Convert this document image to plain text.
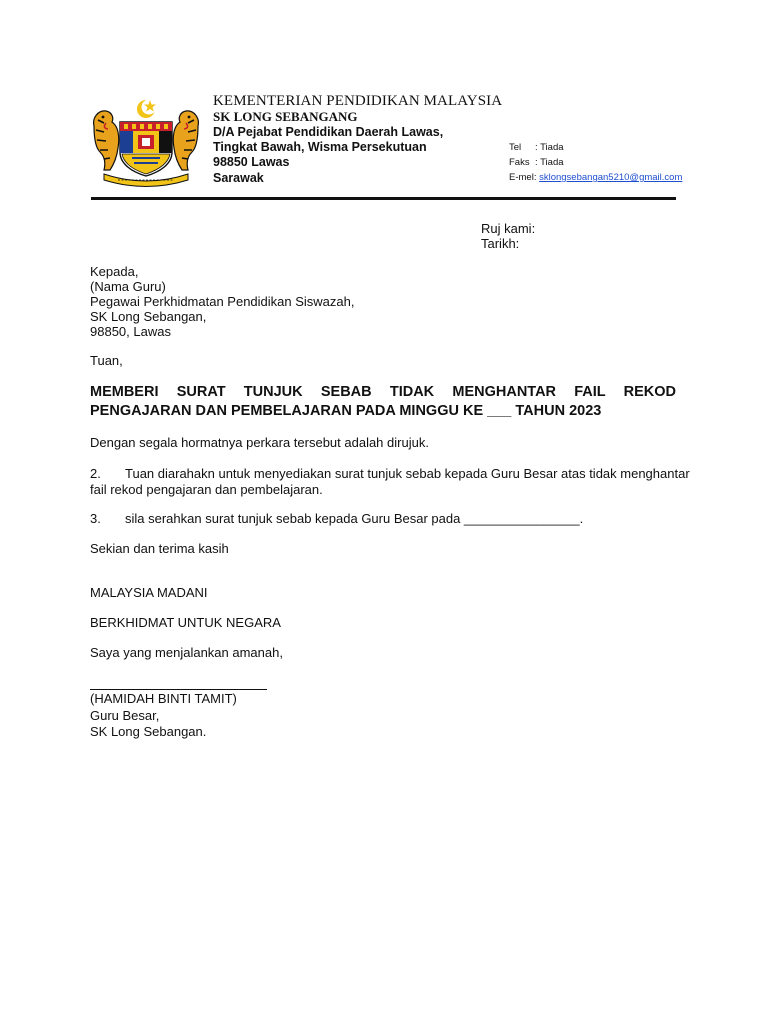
KEMENTERIAN PENDIDIKAN MALAYSIA
SK LONG SEBANGANG
D/A Pejabat Pendidikan Daerah Lawas,
Tingkat Bawah, Wisma Persekutuan
98850 Lawas
Sarawak
Tel : Tiada
Faks : Tiada
E-mel: sklongsebangan5210@gmail.com
Ruj kami:
Tarikh:
Kepada,
(Nama Guru)
Pegawai Perkhidmatan Pendidikan Siswazah,
SK Long Sebangan,
98850, Lawas
Tuan,
MEMBERI SURAT TUNJUK SEBAB TIDAK MENGHANTAR FAIL REKOD
PENGAJARAN DAN PEMBELAJARAN PADA MINGGU KE ___ TAHUN 2023
Dengan segala hormatnya perkara tersebut adalah dirujuk.
2. Tuan diarahakn untuk menyediakan surat tunjuk sebab kepada Guru Besar atas tidak menghantar
fail rekod pengajaran dan pembelajaran.
3. sila serahkan surat tunjuk sebab kepada Guru Besar pada ________________.
Sekian dan terima kasih
MALAYSIA MADANI
BERKHIDMAT UNTUK NEGARA
Saya yang menjalankan amanah,
(HAMIDAH BINTI TAMIT)
Guru Besar,
SK Long Sebangan.
